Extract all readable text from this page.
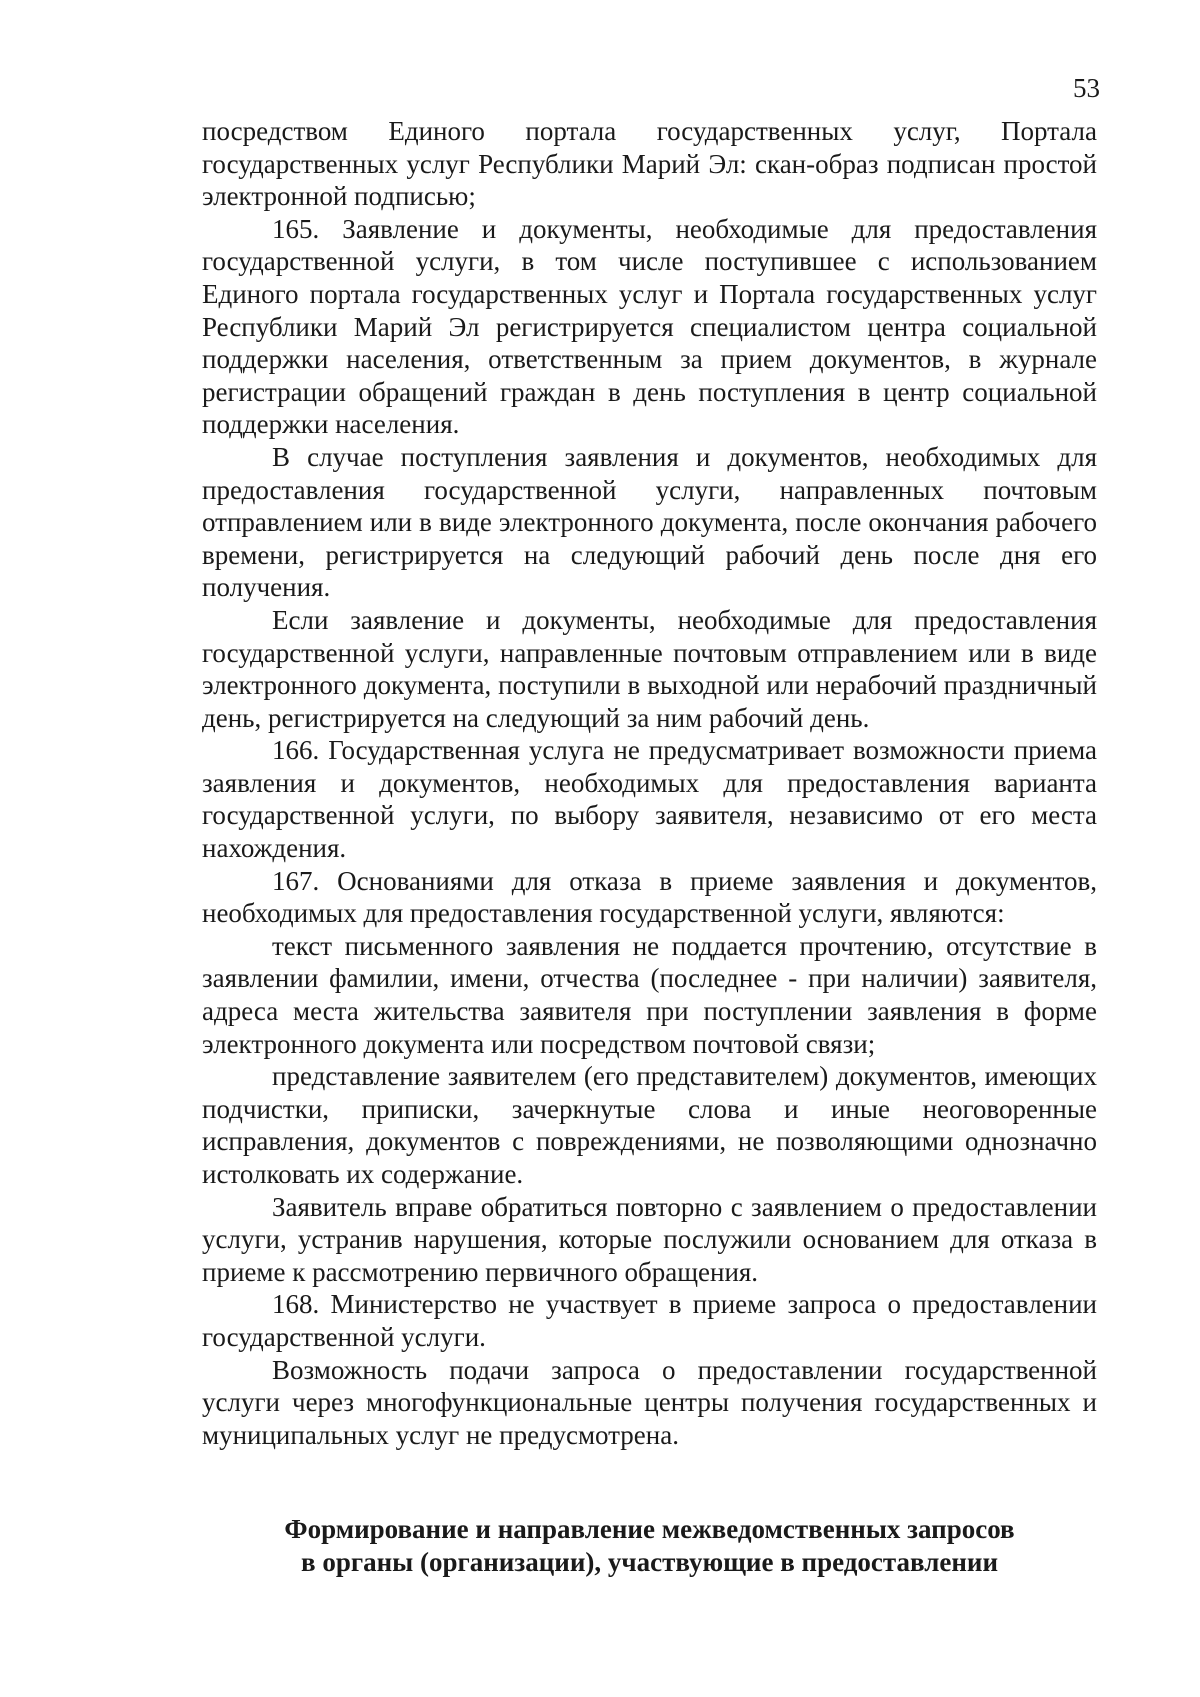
53

посредством Единого портала государственных услуг, Портала государственных услуг Республики Марий Эл: скан-образ подписан простой электронной подписью;

165. Заявление и документы, необходимые для предоставления государственной услуги, в том числе поступившее с использованием Единого портала государственных услуг и Портала государственных услуг Республики Марий Эл регистрируется специалистом центра социальной поддержки населения, ответственным за прием документов, в журнале регистрации обращений граждан в день поступления в центр социальной поддержки населения.

В случае поступления заявления и документов, необходимых для предоставления государственной услуги, направленных почтовым отправлением или в виде электронного документа, после окончания рабочего времени, регистрируется на следующий рабочий день после дня его получения.

Если заявление и документы, необходимые для предоставления государственной услуги, направленные почтовым отправлением или в виде электронного документа, поступили в выходной или нерабочий праздничный день, регистрируется на следующий за ним рабочий день.

166. Государственная услуга не предусматривает возможности приема заявления и документов, необходимых для предоставления варианта государственной услуги, по выбору заявителя, независимо от его места нахождения.

167. Основаниями для отказа в приеме заявления и документов, необходимых для предоставления государственной услуги, являются:

текст письменного заявления не поддается прочтению, отсутствие в заявлении фамилии, имени, отчества (последнее - при наличии) заявителя, адреса места жительства заявителя при поступлении заявления в форме электронного документа или посредством почтовой связи;

представление заявителем (его представителем) документов, имеющих подчистки, приписки, зачеркнутые слова и иные неоговоренные исправления, документов с повреждениями, не позволяющими однозначно истолковать их содержание.

Заявитель вправе обратиться повторно с заявлением о предоставлении услуги, устранив нарушения, которые послужили основанием для отказа в приеме к рассмотрению первичного обращения.

168. Министерство не участвует в приеме запроса о предоставлении государственной услуги.

Возможность подачи запроса о предоставлении государственной услуги через многофункциональные центры получения государственных и муниципальных услуг не предусмотрена.

Формирование и направление межведомственных запросов
в органы (организации), участвующие в предоставлении
